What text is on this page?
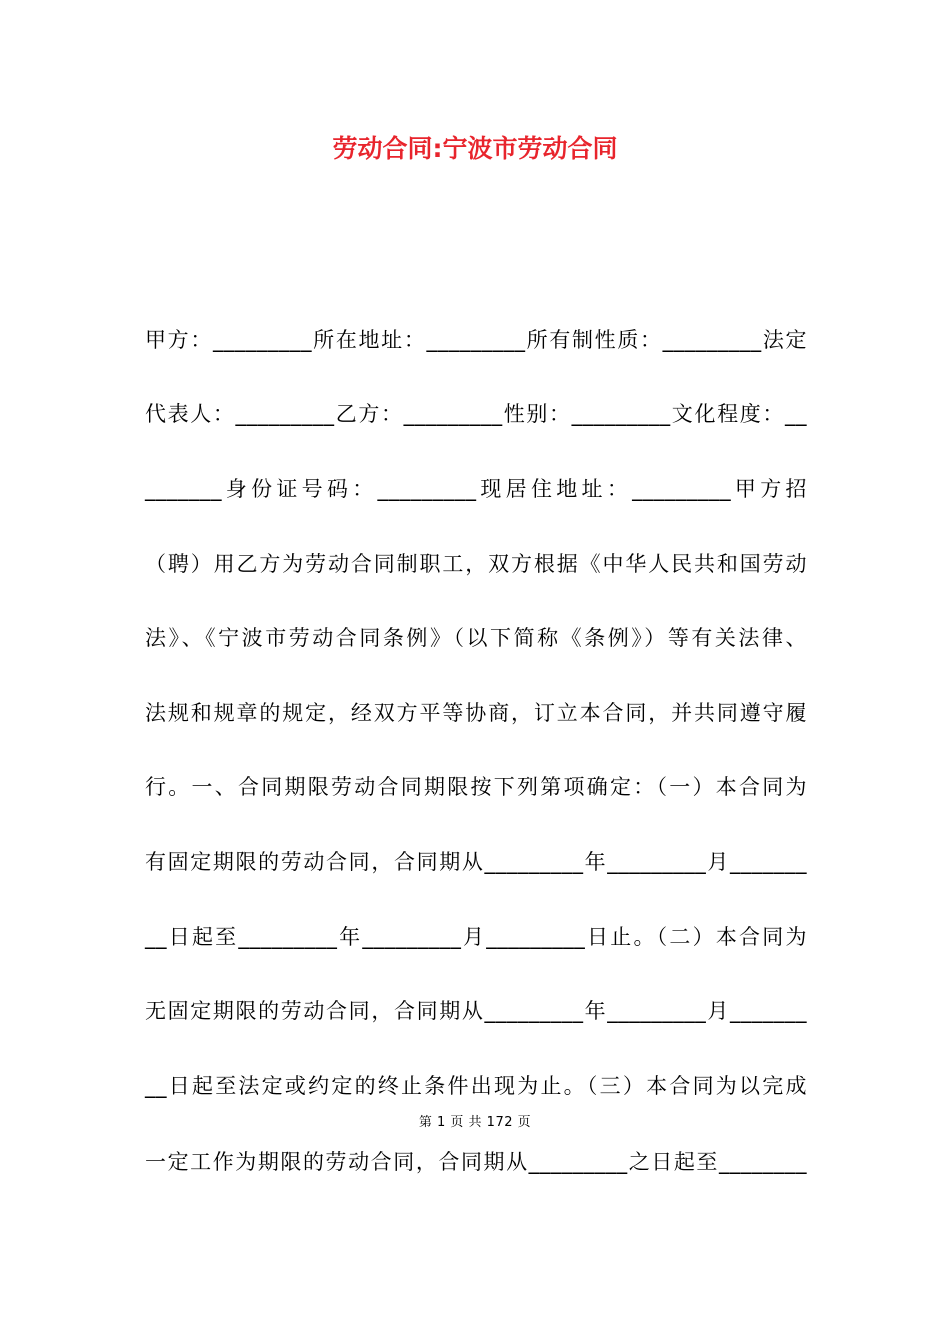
劳动合同:宁波市劳动合同
甲方：_________所在地址：_________所有制性质：_________法定
代表人：_________乙方：_________性别：_________文化程度：__
_______身份证号码：_________现居住地址：_________甲方招
（聘）用乙方为劳动合同制职工，双方根据《中华人民共和国劳动
法》、《宁波市劳动合同条例》（以下简称《条例》）等有关法律、
法规和规章的规定，经双方平等协商，订立本合同，并共同遵守履
行。一、合同期限劳动合同期限按下列第项确定：（一）本合同为
有固定期限的劳动合同，合同期从_________年_________月_______
__日起至_________年_________月_________日止。（二）本合同为
无固定期限的劳动合同，合同期从_________年_________月_______
__日起至法定或约定的终止条件出现为止。（三）本合同为以完成
第 1 页 共 172 页
一定工作为期限的劳动合同，合同期从_________之日起至________
